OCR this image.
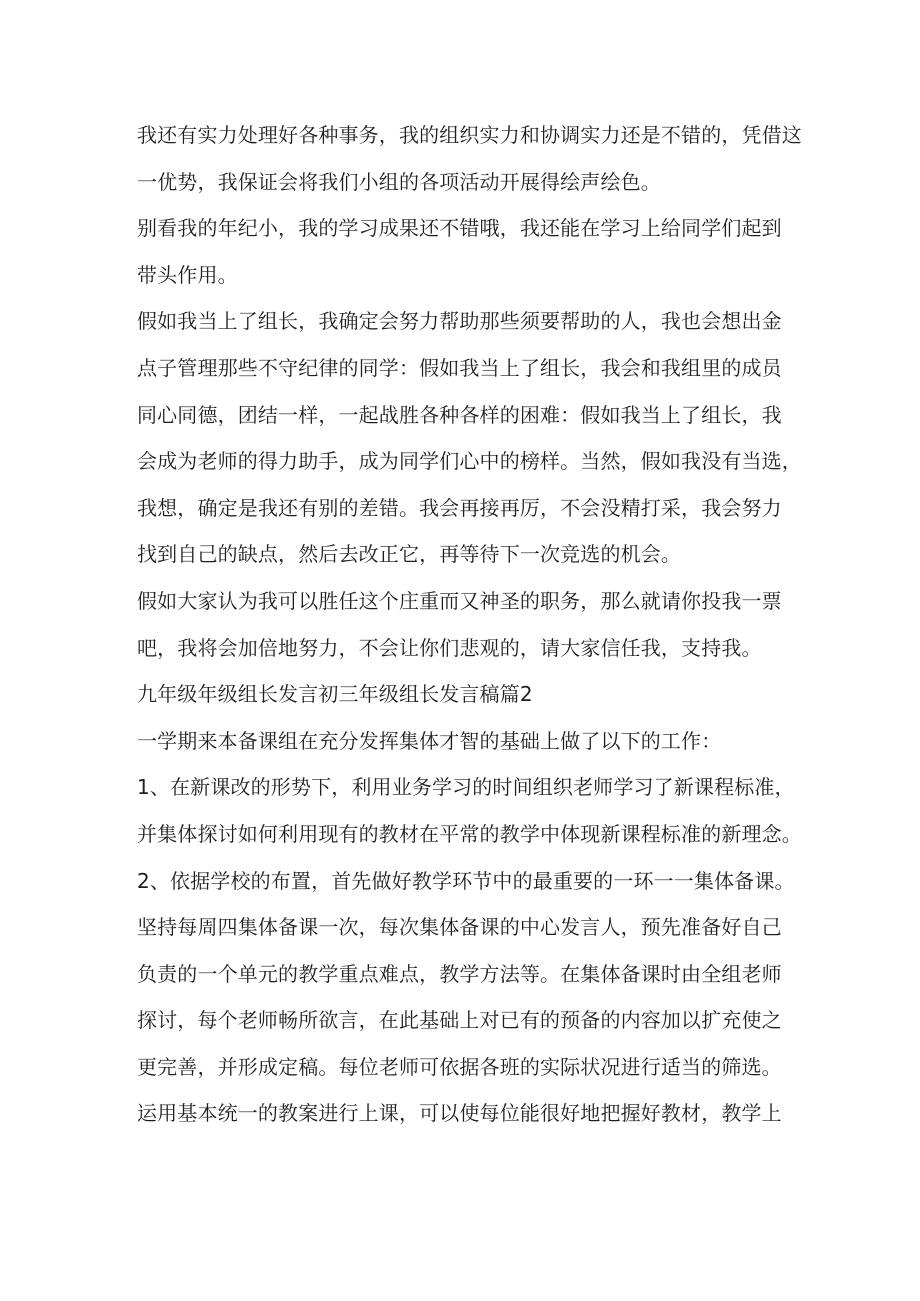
我还有实力处理好各种事务，我的组织实力和协调实力还是不错的，凭借这
一优势，我保证会将我们小组的各项活动开展得绘声绘色。
别看我的年纪小，我的学习成果还不错哦，我还能在学习上给同学们起到
带头作用。
假如我当上了组长，我确定会努力帮助那些须要帮助的人，我也会想出金
点子管理那些不守纪律的同学：假如我当上了组长，我会和我组里的成员
同心同德，团结一样，一起战胜各种各样的困难：假如我当上了组长，我
会成为老师的得力助手，成为同学们心中的榜样。当然，假如我没有当选，
我想，确定是我还有别的差错。我会再接再厉，不会没精打采，我会努力
找到自己的缺点，然后去改正它，再等待下一次竞选的机会。
假如大家认为我可以胜任这个庄重而又神圣的职务，那么就请你投我一票
吧，我将会加倍地努力，不会让你们悲观的，请大家信任我，支持我。
九年级年级组长发言初三年级组长发言稿篇2
一学期来本备课组在充分发挥集体才智的基础上做了以下的工作：
1、在新课改的形势下，利用业务学习的时间组织老师学习了新课程标准，
并集体探讨如何利用现有的教材在平常的教学中体现新课程标准的新理念。
2、依据学校的布置，首先做好教学环节中的最重要的一环一一集体备课。
坚持每周四集体备课一次，每次集体备课的中心发言人，预先准备好自己
负责的一个单元的教学重点难点，教学方法等。在集体备课时由全组老师
探讨，每个老师畅所欲言，在此基础上对已有的预备的内容加以扩充使之
更完善，并形成定稿。每位老师可依据各班的实际状况进行适当的筛选。
运用基本统一的教案进行上课，可以使每位能很好地把握好教材，教学上
